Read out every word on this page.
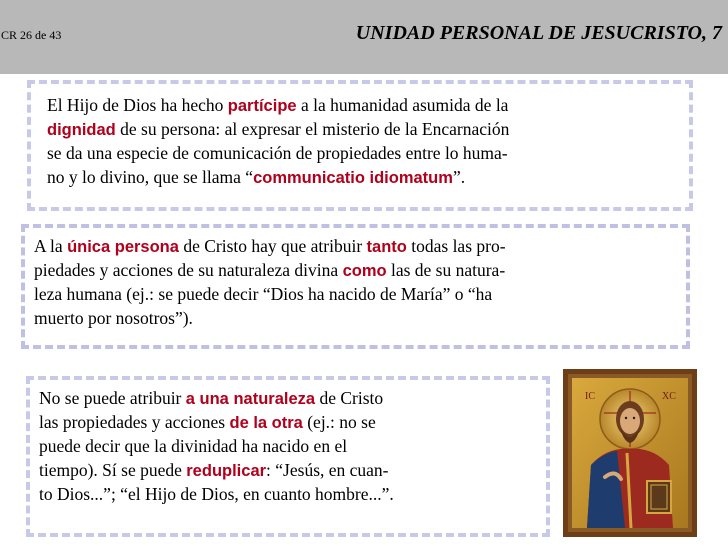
CR 26 de 43	UNIDAD PERSONAL DE JESUCRISTO, 7
El Hijo de Dios ha hecho partícipe a la humanidad asumida de la
dignidad de su persona: al expresar el misterio de la Encarnación
se da una especie de comunicación de propiedades entre lo huma-
no y lo divino, que se llama “communicatio idiomatum”.
A la única persona de Cristo hay que atribuir tanto todas las pro-
piedades y acciones de su naturaleza divina como las de su natura-
leza humana (ej.: se puede decir “Dios ha nacido de María” o “ha
muerto por nosotros”).
No se puede atribuir a una naturaleza de Cristo
las propiedades y acciones de la otra (ej.: no se
puede decir que la divinidad ha nacido en el
tiempo). Sí se puede reduplicar: “Jesús, en cuan-
to Dios...”; “el Hijo de Dios, en cuanto hombre...”.
IC	XC
